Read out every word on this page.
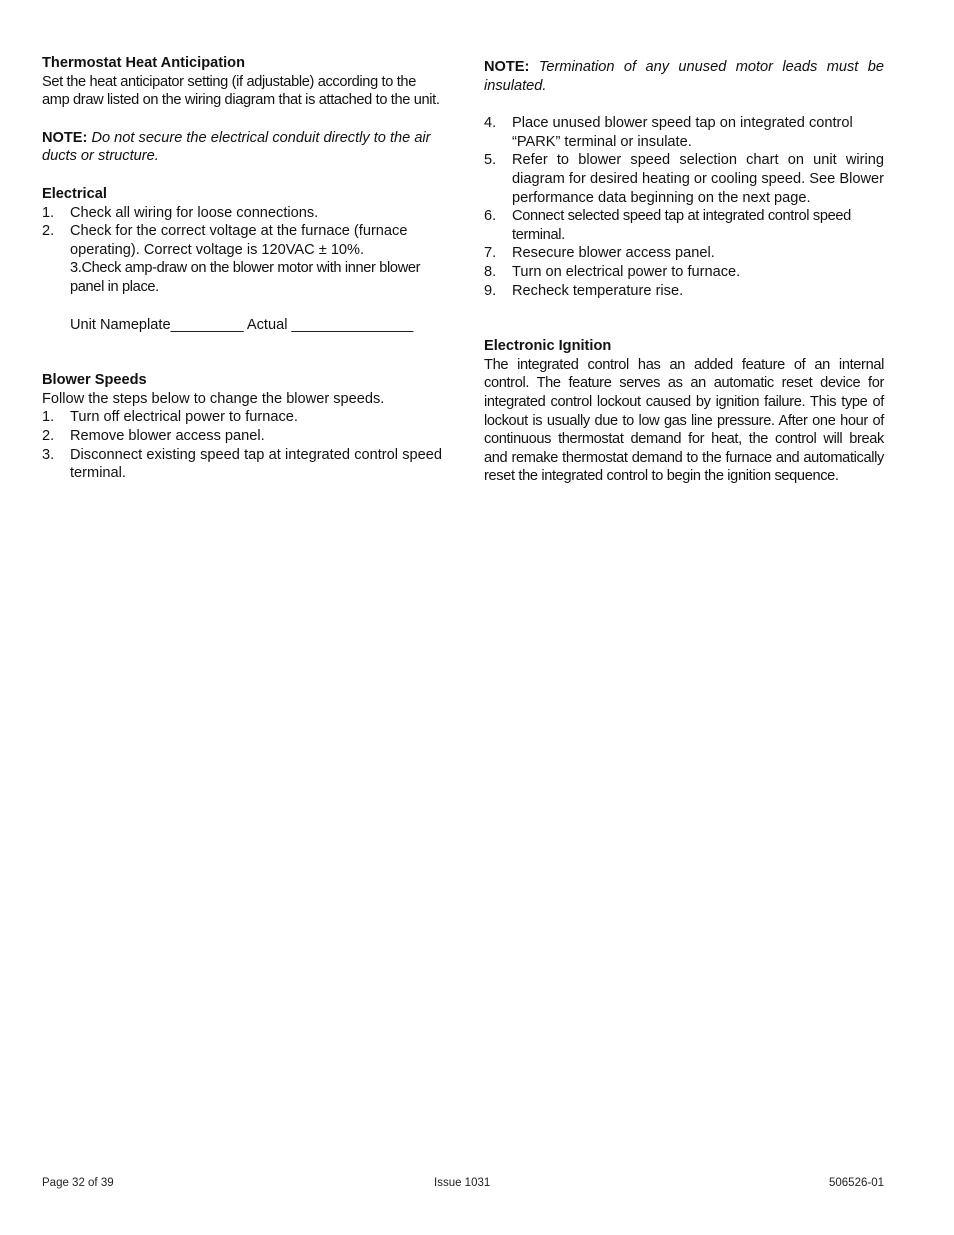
Thermostat Heat Anticipation

Set the heat anticipator setting (if adjustable) according to the amp draw listed on the wiring diagram that is attached to the unit.

NOTE: Do not secure the electrical conduit directly to the air ducts or structure.

Electrical

1.	Check all wiring for loose connections.
2.	Check for the correct voltage at the furnace (furnace operating). Correct voltage is 120VAC ± 10%.

3.Check amp-draw on the blower motor with inner blower panel in place.

Unit Nameplate_________ Actual _______________

Blower Speeds

Follow the steps below to change the blower speeds.

1.	Turn off electrical power to furnace.
2.	Remove blower access panel.
3.	Disconnect existing speed tap at integrated control speed terminal.

NOTE: Termination of any unused motor leads must be insulated.

4.	Place unused blower speed tap on integrated control “PARK” terminal or insulate.
5.	Refer to blower speed selection chart on unit wiring diagram for desired heating or cooling speed. See Blower performance data beginning on the next page.
6.	Connect selected speed tap at integrated control speed terminal.
7.	Resecure blower access panel.
8.	Turn on electrical power to furnace.
9.	Recheck temperature rise.

Electronic Ignition

The integrated control has an added feature of an internal control. The feature serves as an automatic reset device for integrated control lockout caused by ignition failure. This type of lockout is usually due to low gas line pressure. After one hour of continuous thermostat demand for heat, the control will break and remake thermostat demand to the furnace and automatically reset the integrated control to begin the ignition sequence.

Page 32 of 39	Issue 1031	506526-01
